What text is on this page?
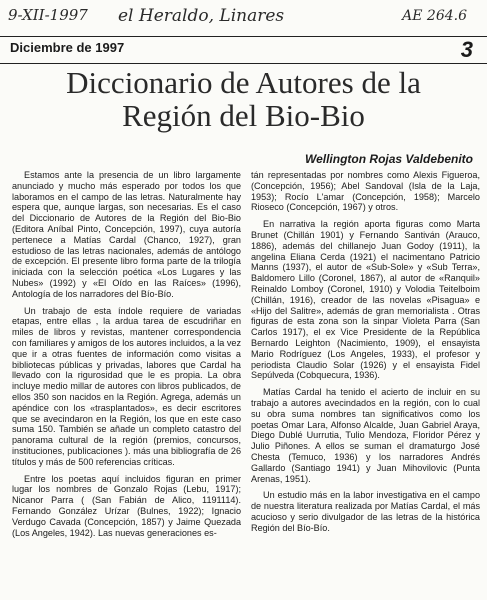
9-XII-1997 el Heraldo, Linares	AE 264.6
Diciembre de 1997	3
Diccionario de Autores de la
Región del Bio-Bio
Wellington Rojas Valdebenito

Estamos ante la presencia de un libro largamente anunciado y mucho más esperado por todos los que laboramos en el campo de las letras. Naturalmente hay espera que, aunque largas, son necesarias. Es el caso del Diccionario de Autores de la Región del Bio-Bio (Editora Aníbal Pinto, Concepción, 1997), cuya autoría pertenece a Matías Cardal (Chanco, 1927), gran estudioso de las letras nacionales, además de antólogo de excepción. El presente libro forma parte de la trilogía iniciada con la selección poética «Los Lugares y las Nubes» (1992) y «El Oído en las Raíces» (1996), Antología de los narradores del Bío-Bío.

Un trabajo de esta índole requiere de variadas etapas, entre ellas , la ardua tarea de escudriñar en miles de libros y revistas, mantener correspondencia con familiares y amigos de los autores incluidos, a la vez que ir a otras fuentes de información como visitas a bibliotecas públicas y privadas, labores que Cardal ha llevado con la rigurosidad que le es propia. La obra incluye medio millar de autores con libros publicados, de ellos 350 son nacidos en la Región. Agrega, además un apéndice con los «trasplantados», es decir escritores que se avecindaron en la Región, los que en este caso suma 150. También se añade un completo catastro del panorama cultural de la región (premios, concursos, instituciones, publicaciones ). más una bibliografía de 26 títulos y más de 500 referencias críticas.

Entre los poetas aquí incluidos figuran en primer lugar los nombres de Gonzalo Rojas (Lebu, 1917); Nicanor Parra ( (San Fabián de Alico, 1191114). Fernando González Urízar (Bulnes, 1922); Ignacio Verdugo Cavada (Concepción, 1857) y Jaime Quezada (Los Angeles, 1942). Las nuevas generaciones es-

tán representadas por nombres como Alexis Figueroa, (Concepción, 1956); Abel Sandoval (Isla de la Laja, 1953); Rocío L'amar (Concepción, 1958); Marcelo Rioseco (Concepción, 1967) y otros.

En narrativa la región aporta figuras como Marta Brunet (Chillán 1901) y Fernando Santiván (Arauco, 1886), además del chillanejo Juan Godoy (1911), la angelina Eliana Cerda (1921) el nacimentano Patricio Manns (1937), el autor de «Sub-Sole» y «Sub Terra», Baldomero Lillo (Coronel, 1867), al autor de «Ranquil» Reinaldo Lomboy (Coronel, 1910) y Volodia Teitelboim (Chillán, 1916), creador de las novelas «Pisagua» e «Hijo del Salitre», además de gran memorialista . Otras figuras de esta zona son la sinpar Violeta Parra (San Carlos 1917), el ex Vice Presidente de la República Bernardo Leighton (Nacimiento, 1909), el ensayista Mario Rodríguez (Los Angeles, 1933), el profesor y periodista Claudio Solar (1926) y el ensayista Fidel Sepúlveda (Cobquecura, 1936).

Matías Cardal ha tenido el acierto de incluir en su trabajo a autores avecindados en la región, con lo cual su obra suma nombres tan significativos como los poetas Omar Lara, Alfonso Alcalde, Juan Gabriel Araya, Diego Dublé Uurrutia, Tulio Mendoza, Floridor Pérez y Julio Piñones. A ellos se suman el dramaturgo José Chesta (Temuco, 1936) y los narradores Andrés Gallardo (Santiago 1941) y Juan Mihovilovic (Punta Arenas, 1951).

Un estudio más en la labor investigativa en el campo de nuestra literatura realizada por Matías Cardal, el más acucioso y serio divulgador de las letras de la histórica Región del Bío-Bío.
